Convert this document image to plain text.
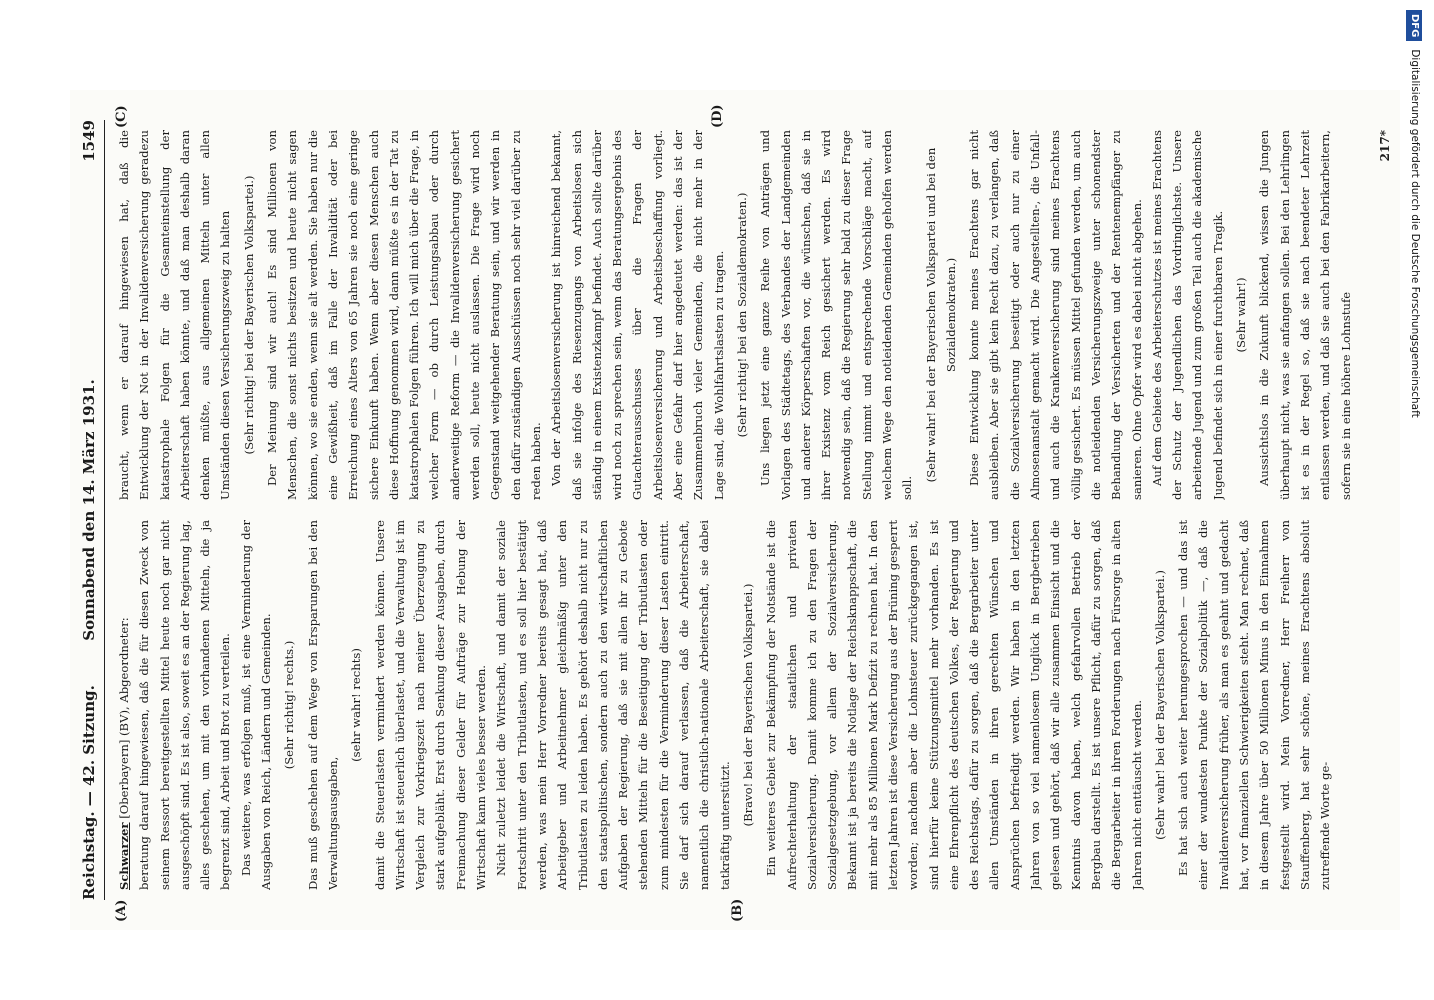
Reichstag. — 42. Sitzung.
Sonnabend den 14. März 1931.
1549
(A)	(B)
(C)	(D)

Schwarzer [Oberbayern] (BV), Abgeordneter: beratung darauf hingewiesen, daß die für diesen Zweck von seinem Ressort bereitgestellten Mittel heute noch gar nicht ausgeschöpft sind. Es ist also, soweit es an der Regierung lag, alles geschehen, um mit den vorhandenen Mitteln, die ja begrenzt sind, Arbeit und Brot zu verteilen. Das weitere, was erfolgen muß, ist eine Verminderung der Ausgaben von Reich, Ländern und Gemeinden. (Sehr richtig! rechts.) Das muß geschehen auf dem Wege von Ersparungen bei den Verwaltungsausgaben,

(sehr wahr! rechts) damit die Steuerlasten vermindert werden können. Unsere Wirtschaft ist steuerlich überlastet, und die Verwaltung ist im Vergleich zur Vorkriegszeit nach meiner Überzeugung zu stark aufgebläht. Erst durch Senkung dieser Ausgaben, durch Freimachung dieser Gelder für Aufträge zur Hebung der Wirtschaft kann vieles besser werden. Nicht zuletzt leidet die Wirtschaft, und damit der soziale Fortschritt unter den Tributlasten, und es soll hier bestätigt werden, was mein Herr Vorredner bereits gesagt hat, daß Arbeitgeber und Arbeitnehmer gleichmäßig unter den Tributlasten zu leiden haben. Es gehört deshalb nicht nur zu den staatspolitischen, sondern auch zu den wirtschaftlichen Aufgaben der Regierung, daß sie mit allen ihr zu Gebote stehenden Mitteln für die Beseitigung der Tributlasten oder zum mindesten für die Verminderung dieser Lasten eintritt. Sie darf sich darauf verlassen, daß die Arbeiterschaft, namentlich die christlich-nationale Arbeiterschaft, sie dabei tatkräftig unterstützt. (Bravo! bei der Bayerischen Volkspartei.) Ein weiteres Gebiet zur Bekämpfung der Notstände ist die Aufrechterhaltung der staatlichen und privaten Sozialversicherung. Damit komme ich zu den Fragen der Sozialgesetzgebung, vor allem der Sozialversicherung. Bekannt ist ja bereits die Notlage der Reichsknappschaft, die mit mehr als 85 Millionen Mark Defizit zu rechnen hat. In den letzten Jahren ist diese Versicherung aus der Brüning gesperrt worden; nachdem aber die Lohnsteuer zurückgegangen ist, sind hierfür keine Stützungsmittel mehr vorhanden. Es ist eine Ehrenpflicht des deutschen Volkes, der Regierung und des Reichstags, dafür zu sorgen, daß die Bergarbeiter unter allen Umständen in ihren gerechten Wünschen und Ansprüchen befriedigt werden. Wir haben in den letzten Jahren von so viel namenlosem Unglück in Bergbetrieben gelesen und gehört, daß wir alle zusammen Einsicht und die Kenntnis davon haben, welch gefahrvollen Betrieb der Bergbau darstellt. Es ist unsere Pflicht, dafür zu sorgen, daß die Bergarbeiter in ihren Forderungen nach Fürsorge in alten Jahren nicht enttäuscht werden. (Sehr wahr! bei der Bayerischen Volkspartei.) Es hat sich auch weiter herumgesprochen — und das ist einer der wundesten Punkte der Sozialpolitik —, daß die Invalidenversicherung früher, als man es geahnt und gedacht hat, vor finanziellen Schwierigkeiten steht. Man rechnet, daß in diesem Jahre über 50 Millionen Minus in den Einnahmen festgestellt wird. Mein Vorredner, Herr Freiherr von Stauffenberg, hat sehr schöne, meines Erachtens absolut zutreffende Worte ge-

braucht, wenn er darauf hingewiesen hat, daß die Entwicklung der Not in der Invalidenversicherung geradezu katastrophale Folgen für die Gesamteinstellung der Arbeiterschaft haben könnte, und daß man deshalb daran denken müßte, aus allgemeinen Mitteln unter allen Umständen diesen Versicherungszweig zu halten (Sehr richtig! bei der Bayerischen Volkspartei.) Der Meinung sind wir auch! Es sind Millionen von Menschen, die sonst nichts besitzen und heute nicht sagen können, wo sie enden, wenn sie alt werden. Sie haben nur die eine Gewißheit, daß im Falle der Invalidität oder bei Erreichung eines Alters von 65 Jahren sie noch eine geringe sichere Einkunft haben. Wenn aber diesen Menschen auch diese Hoffnung genommen wird, dann müßte es in der Tat zu katastrophalen Folgen führen. Ich will mich über die Frage, in welcher Form — ob durch Leistungsabbau oder durch anderweitige Reform — die Invalidenversicherung gesichert werden soll, heute nicht auslassen. Die Frage wird noch Gegenstand weitgehender Beratung sein, und wir werden in den dafür zuständigen Ausschüssen noch sehr viel darüber zu reden haben. Von der Arbeitslosenversicherung ist hinreichend bekannt, daß sie infolge des Riesenzugangs von Arbeitslosen sich ständig in einem Existenzkampf befindet. Auch sollte darüber wird noch zu sprechen sein, wenn das Beratungsergebnis des Gutachterausschusses über die Fragen der Arbeitslosenversicherung und Arbeitsbeschaffung vorliegt. Aber eine Gefahr darf hier angedeutet werden: das ist der Zusammenbruch vieler Gemeinden, die nicht mehr in der Lage sind, die Wohlfahrtslasten zu tragen. (Sehr richtig! bei den Sozialdemokraten.) Uns liegen jetzt eine ganze Reihe von Anträgen und Vorlagen des Städtetags, des Verbandes der Landgemeinden und anderer Körperschaften vor, die wünschen, daß sie in ihrer Existenz vom Reich gesichert werden. Es wird notwendig sein, daß die Regierung sehr bald zu dieser Frage Stellung nimmt und entsprechende Vorschläge macht, auf welchem Wege den notleidenden Gemeinden geholfen werden soll.

(Sehr wahr! bei der Bayerischen Volkspartei und bei den Sozialdemokraten.) Diese Entwicklung konnte meines Erachtens gar nicht ausbleiben. Aber sie gibt kein Recht dazu, zu verlangen, daß die Sozialversicherung beseitigt oder auch nur zu einer Almosenanstalt gemacht wird. Die Angestellten-, die Unfall- und auch die Krankenversicherung sind meines Erachtens völlig gesichert. Es müssen Mittel gefunden werden, um auch die notleidenden Versicherungszweige unter schonendster Behandlung der Versicherten und der Rentenempfänger zu sanieren. Ohne Opfer wird es dabei nicht abgehen. Auf dem Gebiete des Arbeiterschutzes ist meines Erachtens der Schutz der Jugendlichen das Vordringlichste. Unsere arbeitende Jugend und zum großen Teil auch die akademische Jugend befindet sich in einer furchtbaren Tragik. (Sehr wahr!) Aussichtslos in die Zukunft blickend, wissen die Jungen überhaupt nicht, was sie anfangen sollen. Bei den Lehrlingen ist es in der Regel so, daß sie nach beendeter Lehrzeit entlassen werden, und daß sie auch bei den Fabrikarbeitern, sofern sie in eine höhere Lohnstufe

217*
DFGDigitalisierung gefördert durch die Deutsche Forschungsgemeinschaft
